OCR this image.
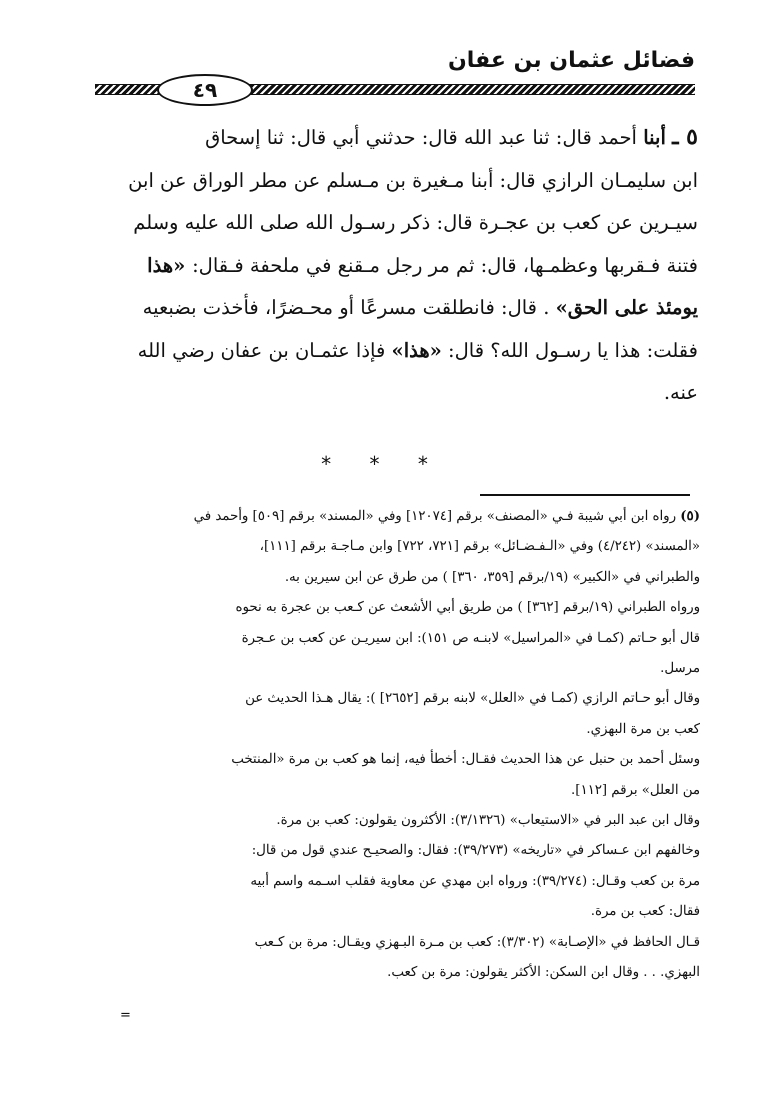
فضائل عثمان بن عفان
٤٩
٥ ـ أبنا أحمد قال: ثنا عبد الله قال: حدثني أبي قال: ثنا إسحاق
ابن سليمـان الرازي قال: أبنا مـغيرة بن مـسلم عن مطر الوراق عن ابن
سيـرين عن كعب بن عجـرة قال: ذكر رسـول الله صلى الله عليه وسلم
فتنة فـقربها وعظمـها، قال: ثم مر رجل مـقنع في ملحفة فـقال: «هذا
يومئذ على الحق» . قال: فانطلقت مسرعًا أو محـضرًا، فأخذت بضبعيه
فقلت: هذا يا رسـول الله؟ قال: «هذا» فإذا عثمـان بن عفان رضي الله
عنه.
* * *
(٥) رواه ابن أبي شيبة فـي «المصنف» برقم [١٢٠٧٤] وفي «المسند» برقم [٥٠٩] وأحمد في
«المسند» (٤/٢٤٢) وفي «الـفـضـائل» برقم [٧٢١، ٧٢٢] وابن مـاجـة برقم [١١١]،
والطبراني في «الكبير» (١٩/برقم [٣٥٩، ٣٦٠] ) من طرق عن ابن سيرين به.
ورواه الطبراني (١٩/برقم [٣٦٢] ) من طريق أبي الأشعث عن كـعب بن عجرة به نحوه
قال أبو حـاتم (كمـا في «المراسيل» لابنـه ص ١٥١): ابن سيريـن عن كعب بن عـجرة
مرسل.
وقال أبو حـاتم الرازي (كمـا في «العلل» لابنه برقم [٢٦٥٢] ): يقال هـذا الحديث عن
كعب بن مرة البهزي.
وسئل أحمد بن حنبل عن هذا الحديث فقـال: أخطأ فيه، إنما هو كعب بن مرة «المنتخب
من العلل» برقم [١١٢].
وقال ابن عبد البر في «الاستيعاب» (٣/١٣٢٦): الأكثرون يقولون: كعب بن مرة.
وخالفهم ابن عـساكر في «تاريخه» (٣٩/٢٧٣): فقال: والصحيـح عندي قول من قال:
مرة بن كعب وقـال: (٣٩/٢٧٤): ورواه ابن مهدي عن معاوية فقلب اسـمه واسم أبيه
فقال: كعب بن مرة.
قـال الحافظ في «الإصـابة» (٣/٣٠٢): كعب بن مـرة البـهزي ويقـال: مرة بن كـعب
البهزي. . . وقال ابن السكن: الأكثر يقولون: مرة بن كعب.
=
